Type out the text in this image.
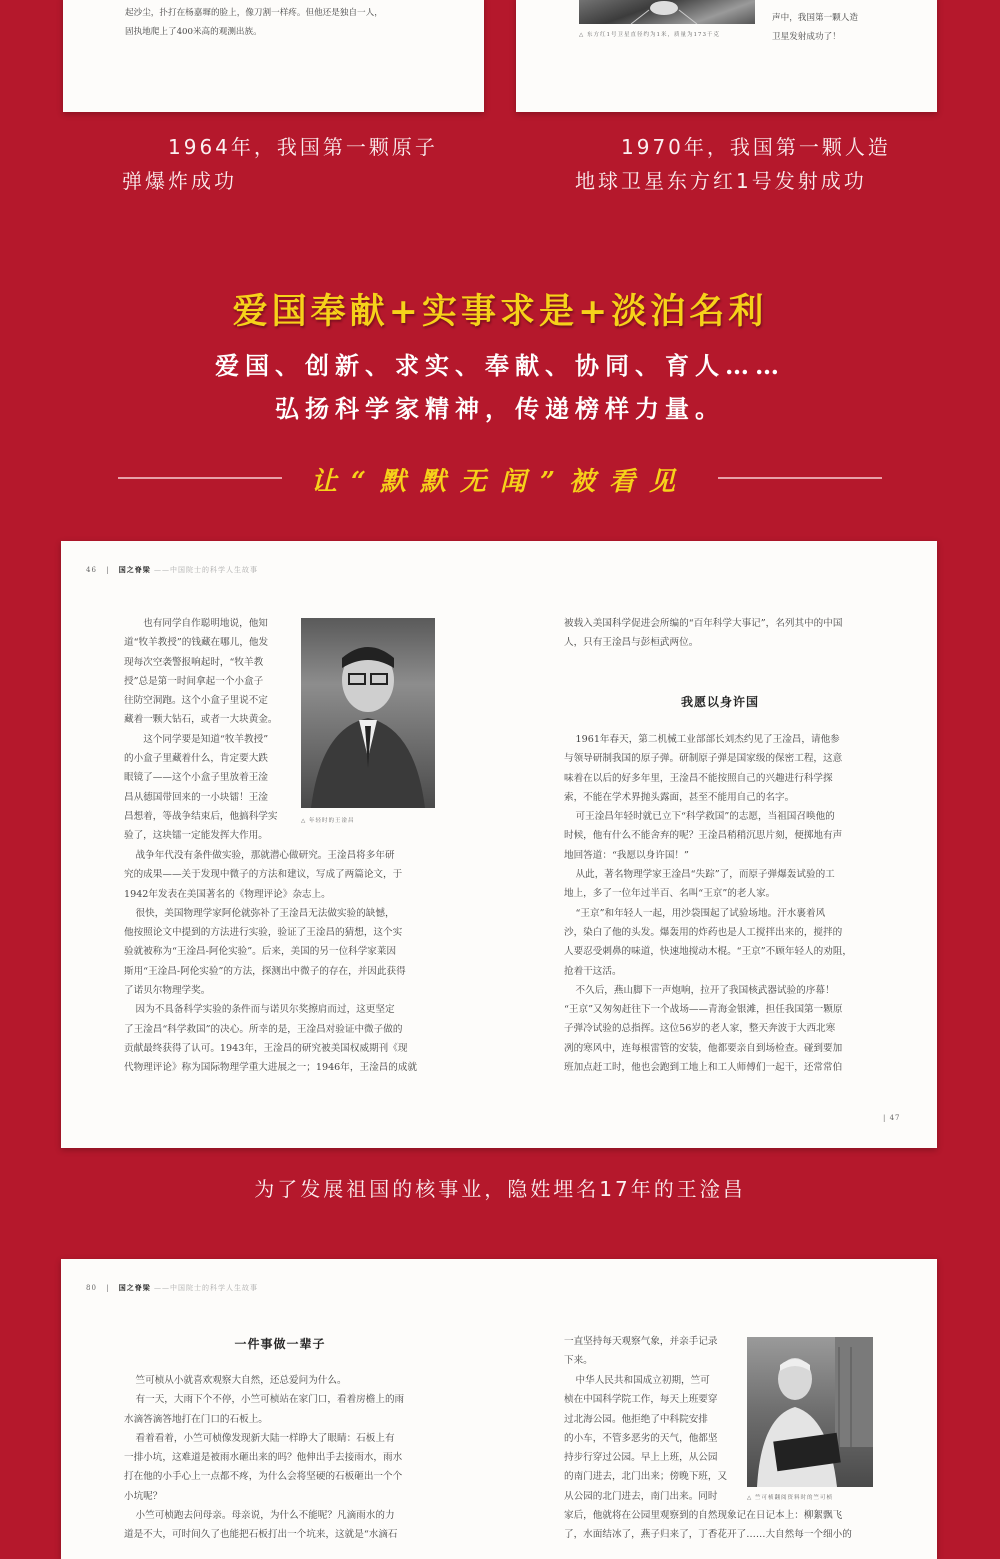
起沙尘，扑打在杨嘉墀的脸上，像刀割一样疼。但他还是独自一人，
固执地爬上了400米高的观测出族。	△ 东方红1号卫星直径约为1米，质量为173千克
声中，我国第一颗人造
卫星发射成功了！
1964年，我国第一颗原子弹爆炸成功
1970年，我国第一颗人造地球卫星东方红1号发射成功
爱国奉献+实事求是+淡泊名利
爱国、创新、求实、奉献、协同、育人……
弘扬科学家精神，传递榜样力量。
让“默默无闻”被看见
46 | 国之脊梁 ——中国院士的科学人生故事
也有同学自作聪明地说，他知
道“牧羊教授”的钱藏在哪儿，他发
现每次空袭警报响起时，“牧羊教
授”总是第一时间拿起一个小盒子
往防空洞跑。这个小盒子里说不定
藏着一颗大钻石，或者一大块黄金。
这个同学要是知道“牧羊教授”
的小盒子里藏着什么，肯定要大跌
眼镜了——这个小盒子里放着王淦
昌从德国带回来的一小块镭！王淦
昌想着，等战争结束后，他搞科学实
验了，这块镭一定能发挥大作用。
△ 年轻时的王淦昌
战争年代没有条件做实验，那就潜心做研究。王淦昌将多年研
究的成果——关于发现中微子的方法和建议，写成了两篇论文，于
1942年发表在美国著名的《物理评论》杂志上。
很快，美国物理学家阿伦就弥补了王淦昌无法做实验的缺憾，
他按照论文中提到的方法进行实验，验证了王淦昌的猜想，这个实
验就被称为“王淦昌-阿伦实验”。后来，美国的另一位科学家莱因
斯用“王淦昌-阿伦实验”的方法，探测出中微子的存在，并因此获得
了诺贝尔物理学奖。
因为不具备科学实验的条件而与诺贝尔奖擦肩而过，这更坚定
了王淦昌“科学救国”的决心。所幸的是，王淦昌对验证中微子做的
贡献最终获得了认可。1943年，王淦昌的研究被美国权威期刊《现
代物理评论》称为国际物理学重大进展之一；1946年，王淦昌的成就
被载入美国科学促进会所编的“百年科学大事记”，名列其中的中国
人，只有王淦昌与彭桓武两位。
我愿以身许国
1961年春天，第二机械工业部部长刘杰约见了王淦昌，请他参
与领导研制我国的原子弹。研制原子弹是国家级的保密工程，这意
味着在以后的好多年里，王淦昌不能按照自己的兴趣进行科学探
索，不能在学术界抛头露面，甚至不能用自己的名字。
可王淦昌年轻时就已立下“科学救国”的志愿，当祖国召唤他的
时候，他有什么不能舍弃的呢？王淦昌稍稍沉思片刻，便掷地有声
地回答道：“我愿以身许国！”
从此，著名物理学家王淦昌“失踪”了，而原子弹爆轰试验的工
地上，多了一位年过半百、名叫“王京”的老人家。
“王京”和年轻人一起，用沙袋围起了试验场地。汗水裹着风
沙，染白了他的头发。爆轰用的炸药也是人工搅拌出来的，搅拌的
人要忍受刺鼻的味道，快速地搅动木棍。“王京”不顾年轻人的劝阻，
抢着干这活。
不久后，燕山脚下一声炮响，拉开了我国核武器试验的序幕！
“王京”又匆匆赶往下一个战场——青海金银滩，担任我国第一颗原
子弹冷试验的总指挥。这位56岁的老人家，整天奔波于大西北寒
冽的寒风中，连每根雷管的安装，他都要亲自到场检查。碰到要加
班加点赶工时，他也会跑到工地上和工人师傅们一起干，还常常伯
| 47
为了发展祖国的核事业，隐姓埋名17年的王淦昌
80 | 国之脊梁 ——中国院士的科学人生故事
一件事做一辈子
竺可桢从小就喜欢观察大自然，还总爱问为什么。
有一天，大雨下个不停，小竺可桢站在家门口，看着房檐上的雨
水滴答滴答地打在门口的石板上。
看着看着，小竺可桢像发现新大陆一样睁大了眼睛：石板上有
一排小坑，这难道是被雨水砸出来的吗？他伸出手去接雨水，雨水
打在他的小手心上一点都不疼，为什么会将坚硬的石板砸出一个个
小坑呢？
小竺可桢跑去问母亲。母亲说，为什么不能呢？凡滴雨水的力
道是不大，可时间久了也能把石板打出一个坑来，这就是“水滴石
一直坚持每天观察气象，并亲手记录
下来。
中华人民共和国成立初期，竺可
桢在中国科学院工作，每天上班要穿
过北海公园。他拒绝了中科院安排
的小车，不管多恶劣的天气，他都坚
持步行穿过公园。早上上班，从公园
的南门进去，北门出来；傍晚下班，又
从公园的北门进去，南门出来。同时	△ 竺可桢翻阅资料时的竺可桢
家后，他就将在公园里观察到的自然现象记在日记本上：柳絮飘飞
了，水面结冰了，燕子归来了，丁香花开了……大自然每一个细小的
